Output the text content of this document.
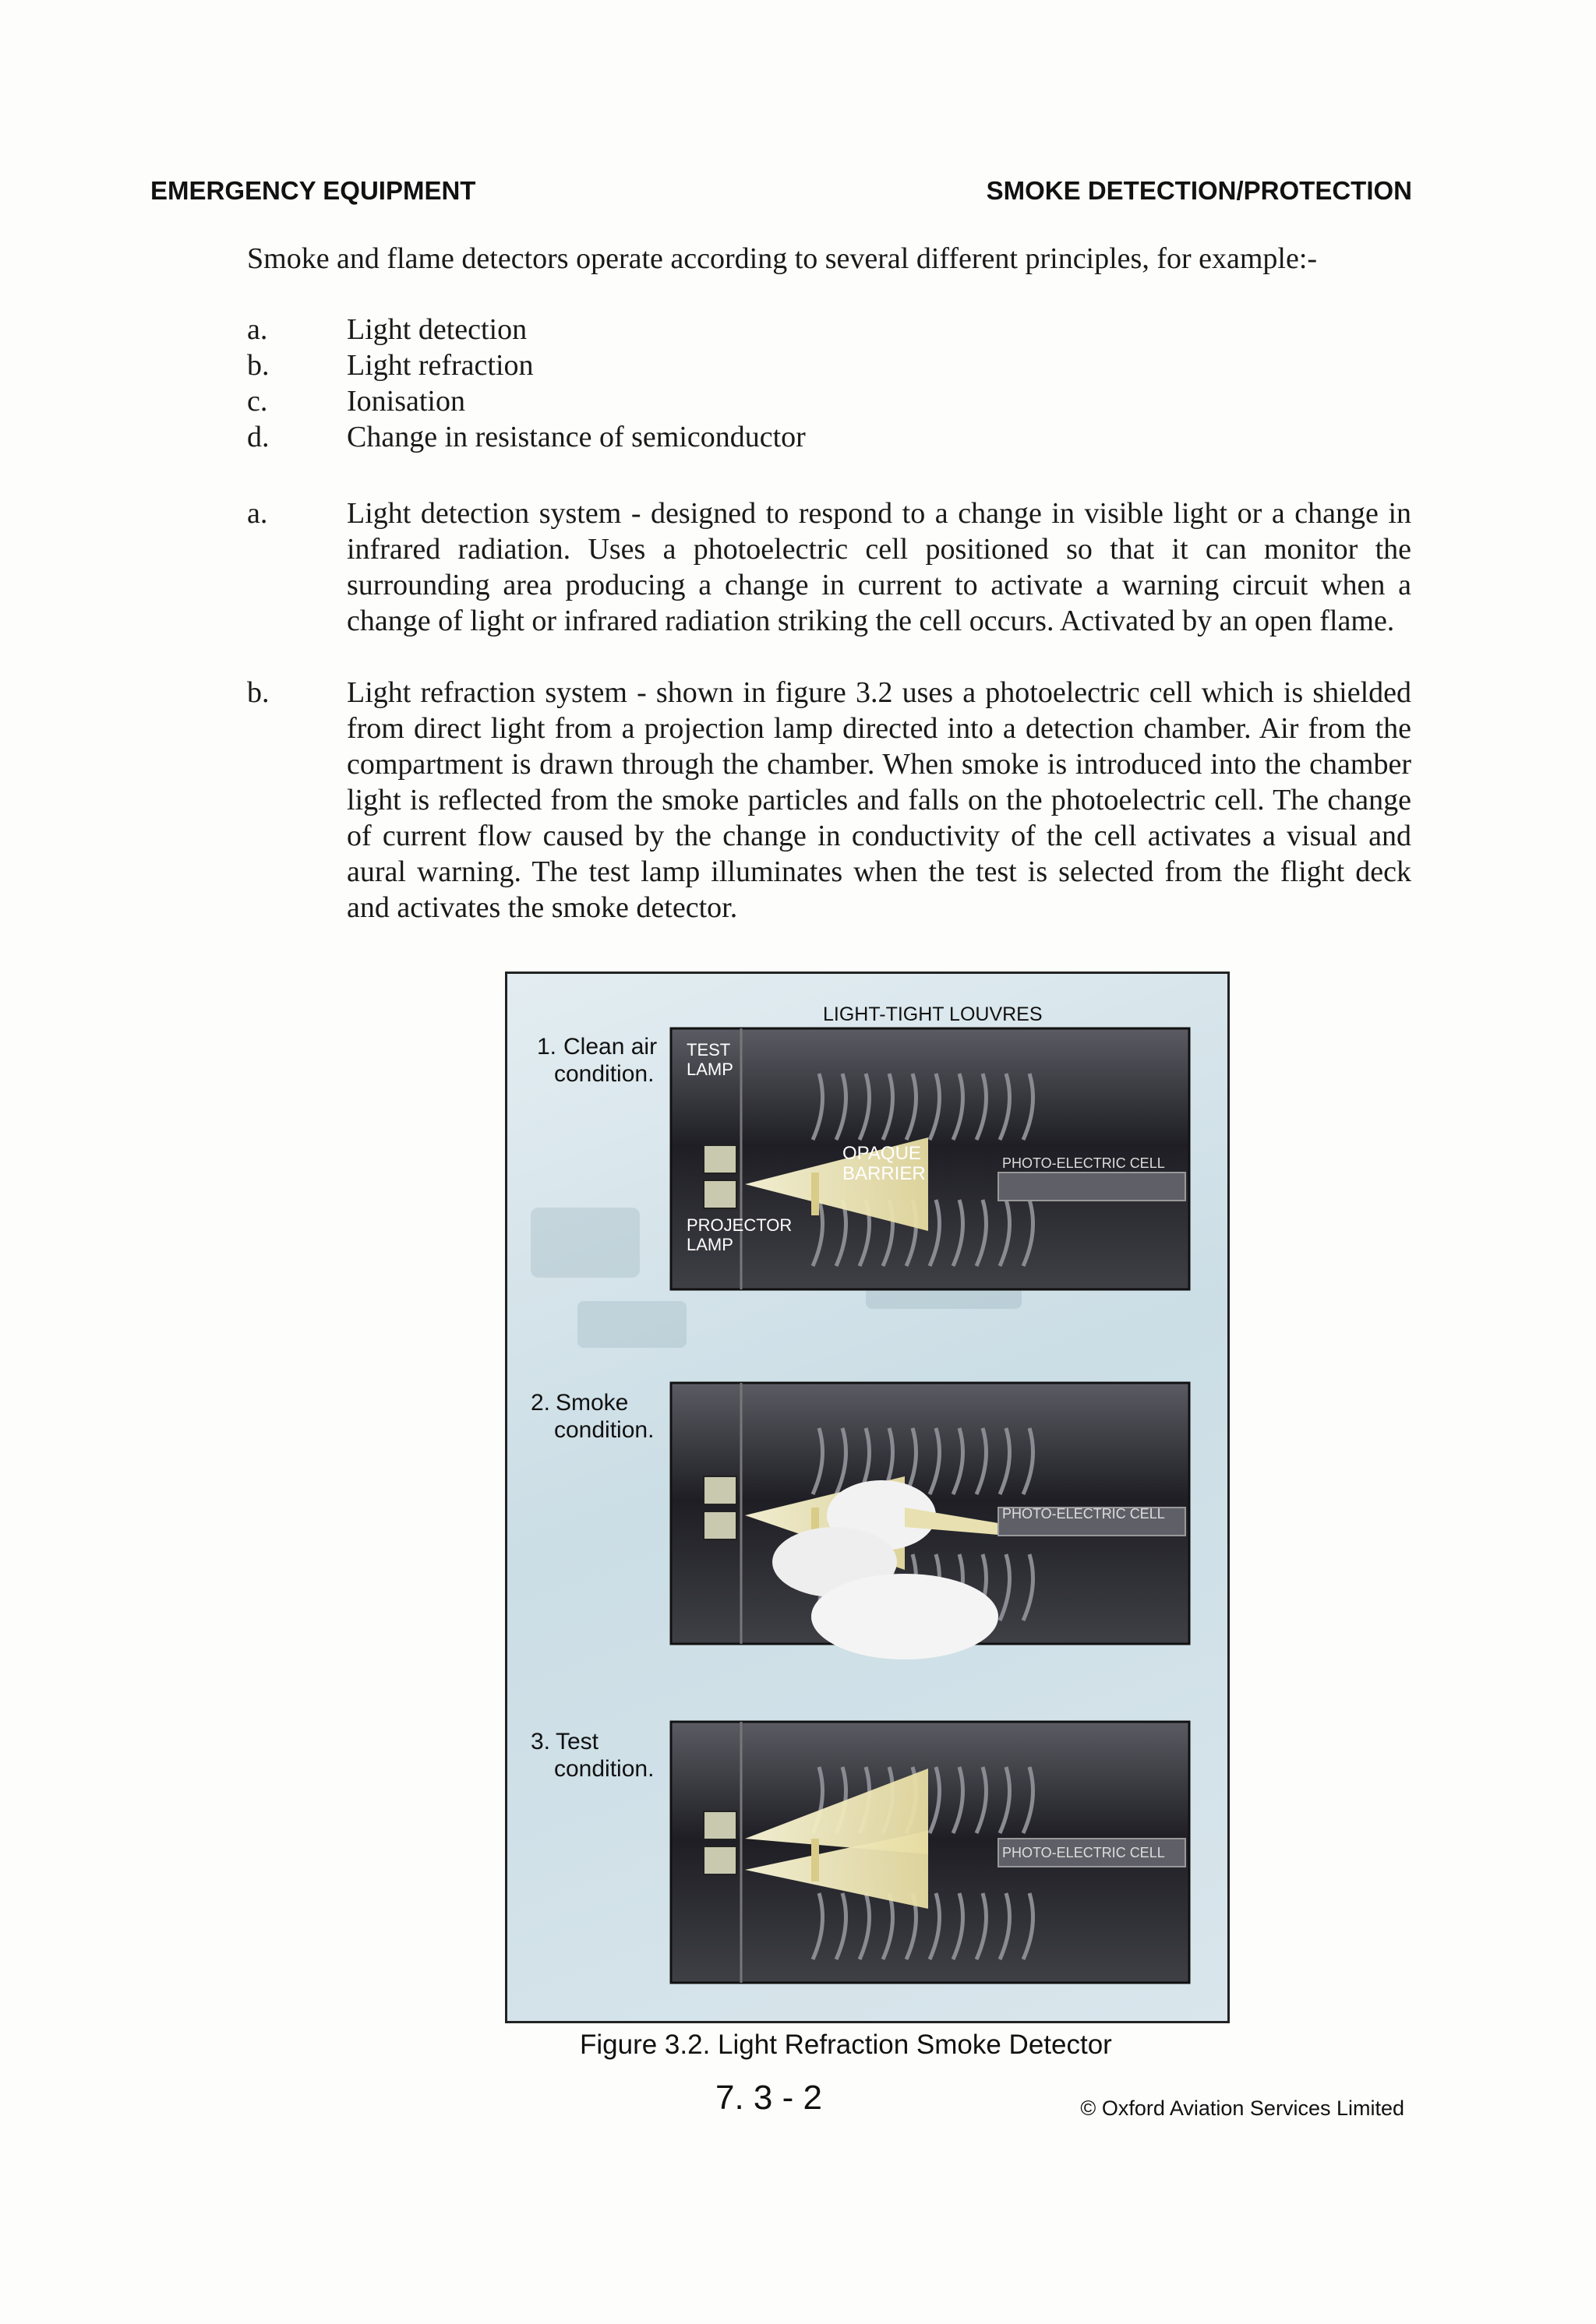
EMERGENCY EQUIPMENT	SMOKE DETECTION/PROTECTION
Smoke and flame detectors operate according to several different principles, for example:-
a.	Light detection
b.	Light refraction
c.	Ionisation
d.	Change in resistance of semiconductor
a.	Light detection system - designed to respond to a change in visible light or a change in infrared radiation. Uses a photoelectric cell positioned so that it can monitor the surrounding area producing a change in current to activate a warning circuit when a change of light or infrared radiation striking the cell occurs. Activated by an open flame.
b.	Light refraction system - shown in figure 3.2 uses a photoelectric cell which is shielded from direct light from a projection lamp directed into a detection chamber. Air from the compartment is drawn through the chamber. When smoke is introduced into the chamber light is reflected from the smoke particles and falls on the photoelectric cell. The change of current flow caused by the change in conductivity of the cell activates a visual and aural warning. The test lamp illuminates when the test is selected from the flight deck and activates the smoke detector.
1. Clean air
condition.
LIGHT-TIGHT LOUVRES
TEST
LAMP
OPAQUE
BARRIER	PHOTO-ELECTRIC CELL
PROJECTOR
LAMP
2. Smoke
condition.
PHOTO-ELECTRIC CELL
3. Test
condition.
PHOTO-ELECTRIC CELL
Figure 3.2. Light Refraction Smoke Detector
7. 3 - 2	© Oxford Aviation Services Limited
